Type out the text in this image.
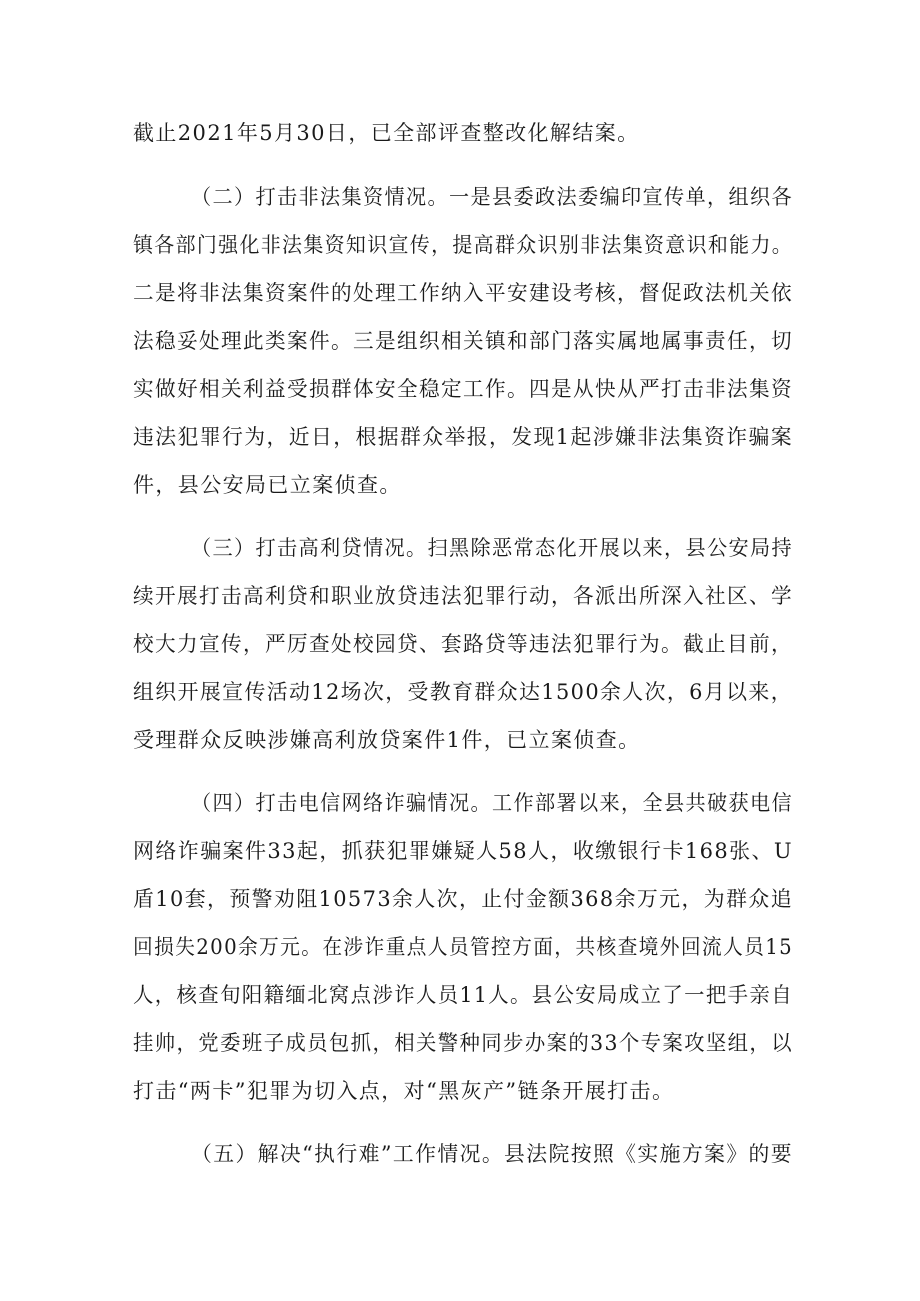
截止2021年5月30日，已全部评查整改化解结案。
（二）打击非法集资情况。一是县委政法委编印宣传单，组织各
镇各部门强化非法集资知识宣传，提高群众识别非法集资意识和能力。
二是将非法集资案件的处理工作纳入平安建设考核，督促政法机关依
法稳妥处理此类案件。三是组织相关镇和部门落实属地属事责任，切
实做好相关利益受损群体安全稳定工作。四是从快从严打击非法集资
违法犯罪行为，近日，根据群众举报，发现1起涉嫌非法集资诈骗案
件，县公安局已立案侦查。
（三）打击高利贷情况。扫黑除恶常态化开展以来，县公安局持
续开展打击高利贷和职业放贷违法犯罪行动，各派出所深入社区、学
校大力宣传，严厉查处校园贷、套路贷等违法犯罪行为。截止目前，
组织开展宣传活动12场次，受教育群众达1500余人次，6月以来，
受理群众反映涉嫌高利放贷案件1件，已立案侦查。
（四）打击电信网络诈骗情况。工作部署以来，全县共破获电信
网络诈骗案件33起，抓获犯罪嫌疑人58人，收缴银行卡168张、U
盾10套，预警劝阻10573余人次，止付金额368余万元，为群众追
回损失200余万元。在涉诈重点人员管控方面，共核查境外回流人员15
人，核查旬阳籍缅北窝点涉诈人员11人。县公安局成立了一把手亲自
挂帅，党委班子成员包抓，相关警种同步办案的33个专案攻坚组，以
打击“两卡”犯罪为切入点，对“黑灰产”链条开展打击。
（五）解决“执行难”工作情况。县法院按照《实施方案》的要
